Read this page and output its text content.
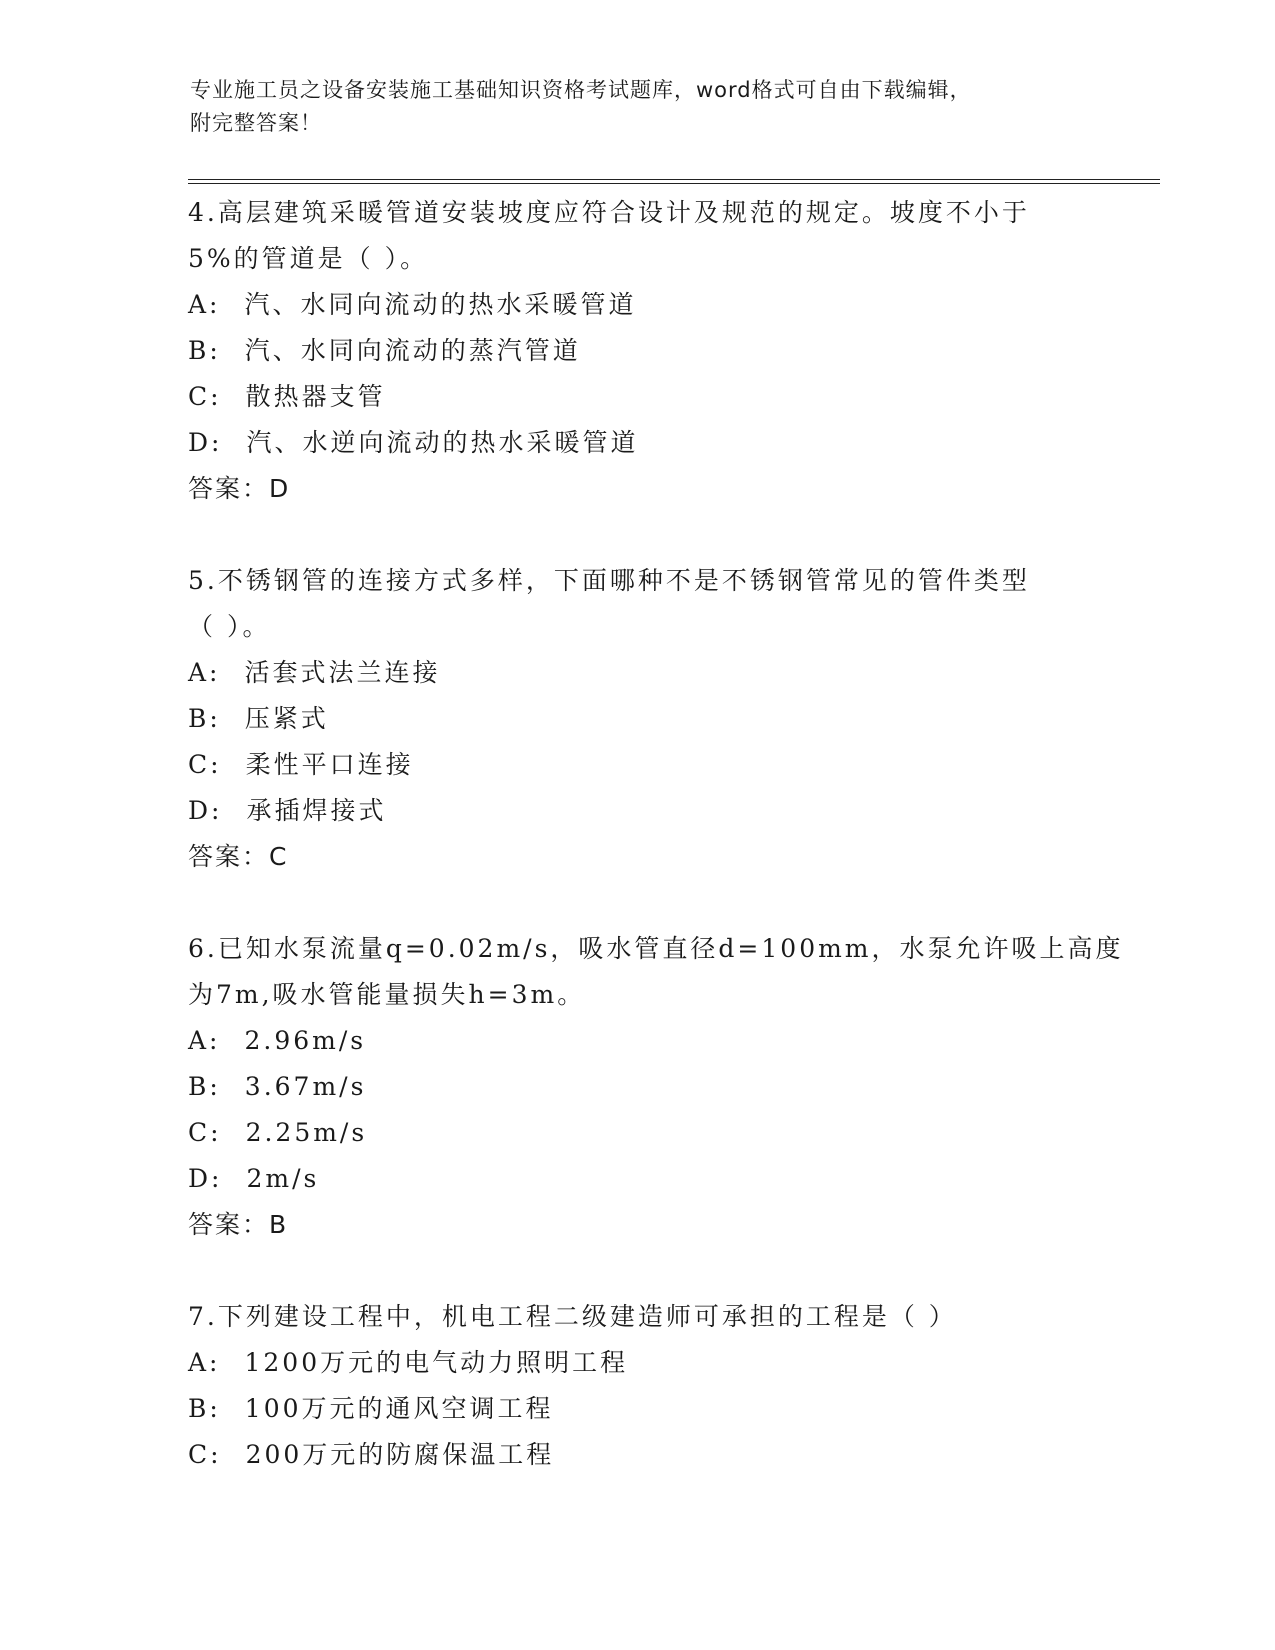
专业施工员之设备安装施工基础知识资格考试题库，word格式可自由下载编辑，
附完整答案！
4.高层建筑采暖管道安装坡度应符合设计及规范的规定。坡度不小于
5%的管道是（ ）。
A: 汽、水同向流动的热水采暖管道
B: 汽、水同向流动的蒸汽管道
C: 散热器支管
D: 汽、水逆向流动的热水采暖管道
答案：D
5.不锈钢管的连接方式多样，下面哪种不是不锈钢管常见的管件类型
（ ）。
A: 活套式法兰连接
B: 压紧式
C: 柔性平口连接
D: 承插焊接式
答案：C
6.已知水泵流量q=0.02m/s，吸水管直径d=100mm，水泵允许吸上高度
为7m,吸水管能量损失h=3m。
A: 2.96m/s
B: 3.67m/s
C: 2.25m/s
D: 2m/s
答案：B
7.下列建设工程中，机电工程二级建造师可承担的工程是（ ）
A: 1200万元的电气动力照明工程
B: 100万元的通风空调工程
C: 200万元的防腐保温工程
